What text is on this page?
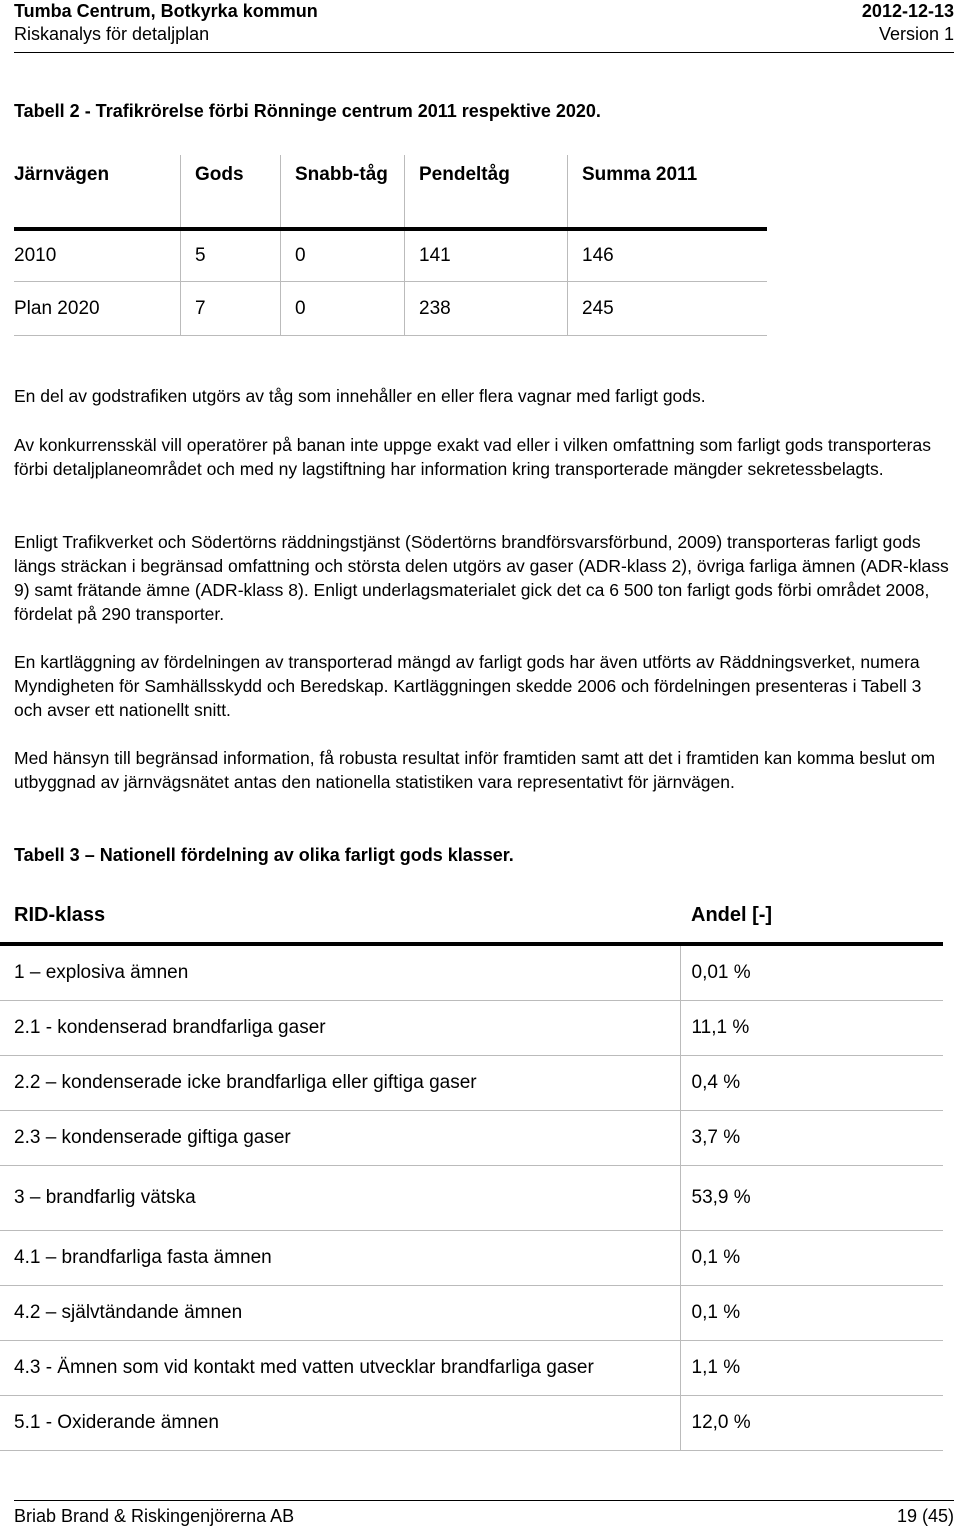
Tumba Centrum, Botkyrka kommun
Riskanalys för detaljplan
2012-12-13
Version 1

Tabell 2 - Trafikrörelse förbi Rönninge centrum 2011 respektive 2020.

Järnvägen	Gods	Snabb-tåg	Pendeltåg	Summa 2011
2010	5	0	141	146
Plan 2020	7	0	238	245

En del av godstrafiken utgörs av tåg som innehåller en eller flera vagnar med farligt gods.

Av konkurrensskäl vill operatörer på banan inte uppge exakt vad eller i vilken omfattning som farligt gods transporteras förbi detaljplaneområdet och med ny lagstiftning har information kring transporterade mängder sekretessbelagts.

Enligt Trafikverket och Södertörns räddningstjänst (Södertörns brandförsvarsförbund, 2009) transporteras farligt gods längs sträckan i begränsad omfattning och största delen utgörs av gaser (ADR-klass 2), övriga farliga ämnen (ADR-klass 9) samt frätande ämne (ADR-klass 8). Enligt underlagsmaterialet gick det ca 6 500 ton farligt gods förbi området 2008, fördelat på 290 transporter.

En kartläggning av fördelningen av transporterad mängd av farligt gods har även utförts av Räddningsverket, numera Myndigheten för Samhällsskydd och Beredskap. Kartläggningen skedde 2006 och fördelningen presenteras i Tabell 3 och avser ett nationellt snitt.

Med hänsyn till begränsad information, få robusta resultat inför framtiden samt att det i framtiden kan komma beslut om utbyggnad av järnvägsnätet antas den nationella statistiken vara representativt för järnvägen.

Tabell 3 – Nationell fördelning av olika farligt gods klasser.

RID-klass	Andel [-]
1 – explosiva ämnen	0,01 %
2.1 - kondenserad brandfarliga gaser	11,1 %
2.2 – kondenserade icke brandfarliga eller giftiga gaser	0,4 %
2.3 – kondenserade giftiga gaser	3,7 %
3 – brandfarlig vätska	53,9 %
4.1 – brandfarliga fasta ämnen	0,1 %
4.2 – självtändande ämnen	0,1 %
4.3 - Ämnen som vid kontakt med vatten utvecklar brandfarliga gaser	1,1 %
5.1 - Oxiderande ämnen	12,0 %
Briab Brand & Riskingenjörerna AB	19 (45)
